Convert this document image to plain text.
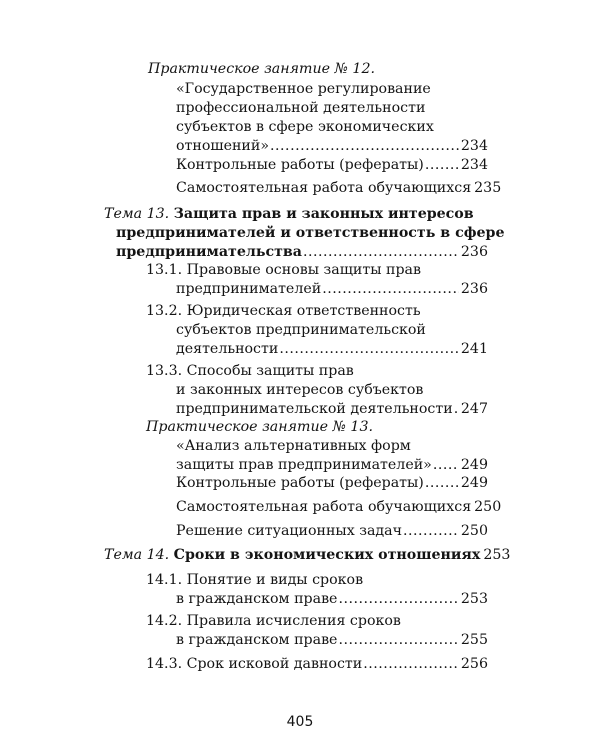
Практическое занятие № 12.
«Государственное регулирование
профессиональной деятельности
субъектов в сфере экономических
отношений» .....	234
Контрольные работы (рефераты) .....	234
Самостоятельная работа обучающихся 235
Тема 13. Защита прав и законных интересов
предпринимателей и ответственность в сфере
предпринимательства .....	236
13.1. Правовые основы защиты прав
предпринимателей .....	236
13.2. Юридическая ответственность
субъектов предпринимательской
деятельности .....	241
13.3. Способы защиты прав
и законных интересов субъектов
предпринимательской деятельности ..... 247
Практическое занятие № 13.
«Анализ альтернативных форм
защиты прав предпринимателей» ..... 249
Контрольные работы (рефераты) .....	249
Самостоятельная работа обучающихся 250
Решение ситуационных задач .....	250
Тема 14. Сроки в экономических отношениях 253
14.1. Понятие и виды сроков
в гражданском праве .....	253
14.2. Правила исчисления сроков
в гражданском праве .....	255
14.3. Срок исковой давности .....	256
405
